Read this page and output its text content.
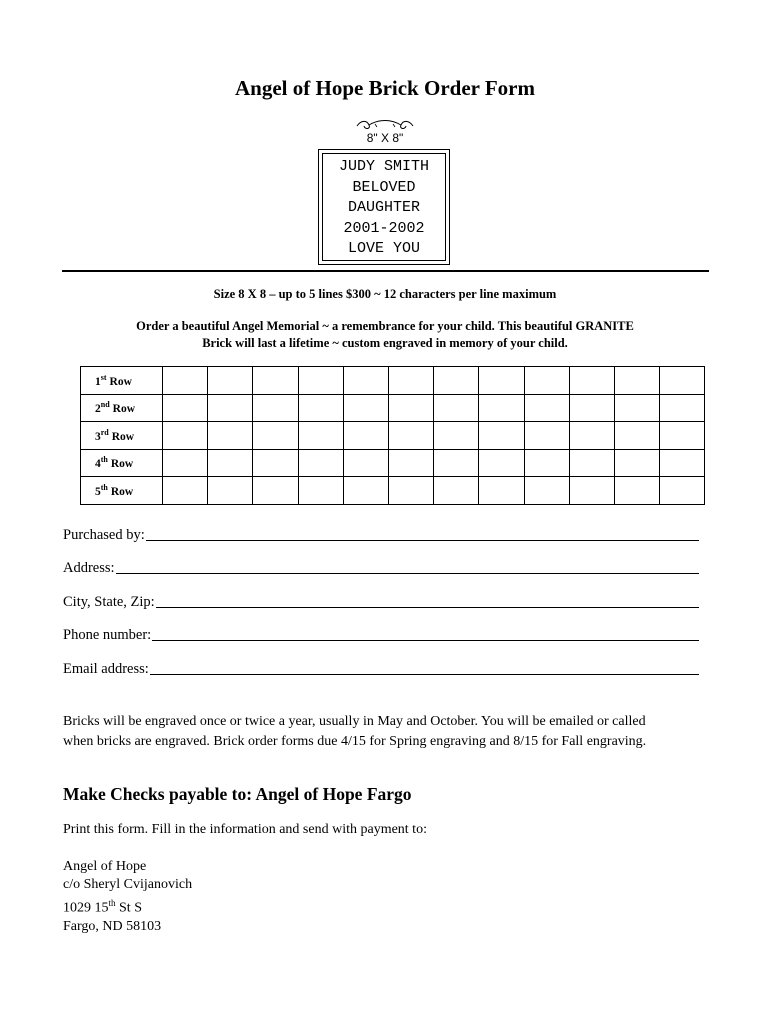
Angel of Hope Brick Order Form
8" X 8"
JUDY SMITH
BELOVED
DAUGHTER
2001-2002
LOVE YOU
Size 8 X 8 – up to 5 lines $300 ~ 12 characters per line maximum
Order a beautiful Angel Memorial ~ a remembrance for your child. This beautiful GRANITE
Brick will last a lifetime ~ custom engraved in memory of your child.
1st Row												
2nd Row												
3rd Row												
4th Row												
5th Row												
Purchased by:
Address:
City, State, Zip:
Phone number:
Email address:
Bricks will be engraved once or twice a year, usually in May and October. You will be emailed or called
when bricks are engraved. Brick order forms due 4/15 for Spring engraving and 8/15 for Fall engraving.
Make Checks payable to: Angel of Hope Fargo
Print this form. Fill in the information and send with payment to:
Angel of Hope
c/o Sheryl Cvijanovich
1029 15th St S
Fargo, ND 58103
